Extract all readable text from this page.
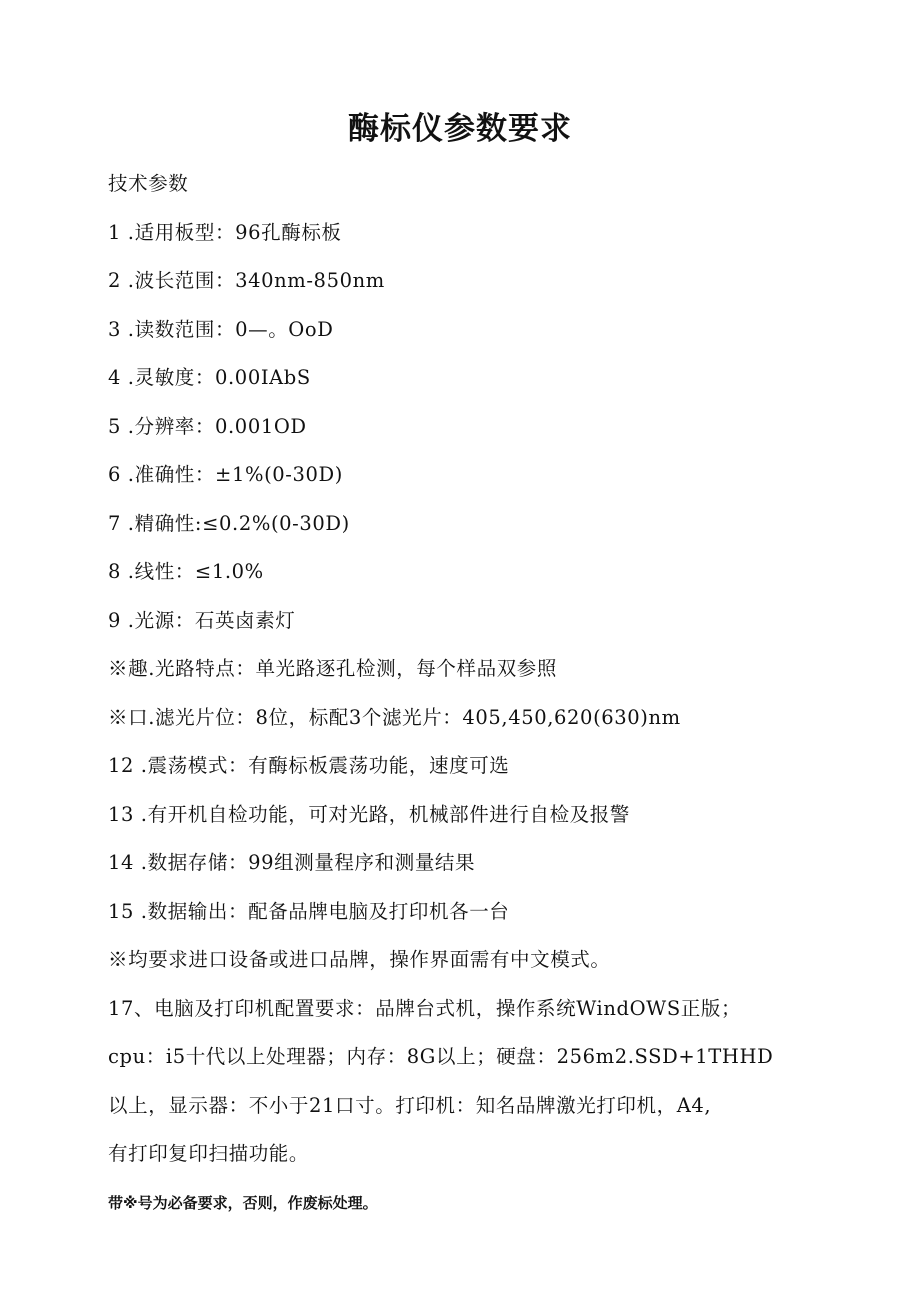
酶标仪参数要求
技术参数
1 .适用板型：96孔酶标板
2 .波长范围：340nm-850nm
3 .读数范围：0—。OoD
4 .灵敏度：0.00IAbS
5 .分辨率：0.001OD
6 .准确性：±1%(0-30D)
7 .精确性:≤0.2%(0-30D)
8 .线性：≤1.0%
9 .光源：石英卤素灯
※趣.光路特点：单光路逐孔检测，每个样品双参照
※口.滤光片位：8位，标配3个滤光片：405,450,620(630)nm
12 .震荡模式：有酶标板震荡功能，速度可选
13 .有开机自检功能，可对光路，机械部件进行自检及报警
14 .数据存储：99组测量程序和测量结果
15 .数据输出：配备品牌电脑及打印机各一台
※均要求进口设备或进口品牌，操作界面需有中文模式。
17、电脑及打印机配置要求：品牌台式机，操作系统WindOWS正版；
cpu：i5十代以上处理器；内存：8G以上；硬盘：256m2.SSD+1THHD
以上，显示器：不小于21口寸。打印机：知名品牌激光打印机，A4,
有打印复印扫描功能。
带※号为必备要求，否则，作废标处理。
